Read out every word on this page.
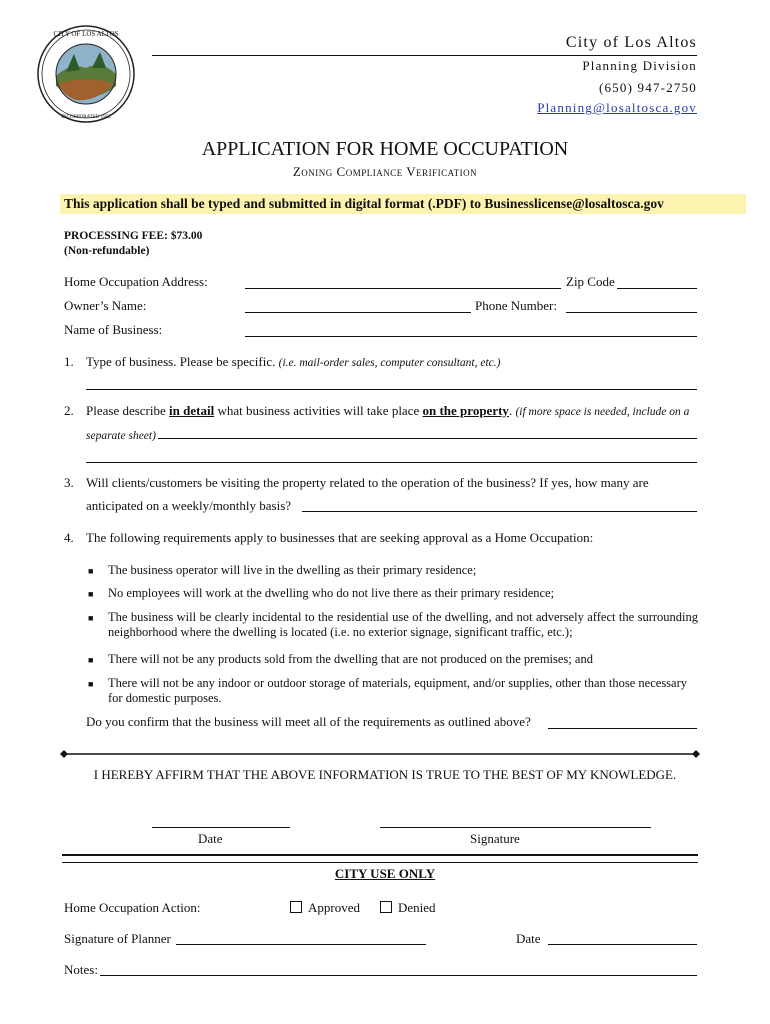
CITY OF LOS ALTOS
INCORPORATED 1952
City of Los Altos
Planning Division
(650) 947-2750
Planning@losaltosca.gov
APPLICATION FOR HOME OCCUPATION
Zoning Compliance Verification
This application shall be typed and submitted in digital format (.PDF) to Businesslicense@losaltosca.gov
PROCESSING FEE: $73.00
(Non-refundable)
Home Occupation Address:	Zip Code
Owner’s Name:	Phone Number:
Name of Business:
1. Type of business. Please be specific. (i.e. mail-order sales, computer consultant, etc.)
2. Please describe in detail what business activities will take place on the property. (if more space is needed, include on a
separate sheet)
3. Will clients/customers be visiting the property related to the operation of the business? If yes, how many are
anticipated on a weekly/monthly basis?
4. The following requirements apply to businesses that are seeking approval as a Home Occupation:
■ The business operator will live in the dwelling as their primary residence;
■ No employees will work at the dwelling who do not live there as their primary residence;
■ The business will be clearly incidental to the residential use of the dwelling, and not adversely affect the surrounding neighborhood where the dwelling is located (i.e. no exterior signage, significant traffic, etc.);
■ There will not be any products sold from the dwelling that are not produced on the premises; and
■ There will not be any indoor or outdoor storage of materials, equipment, and/or supplies, other than those necessary for domestic purposes.
Do you confirm that the business will meet all of the requirements as outlined above?
I HEREBY AFFIRM THAT THE ABOVE INFORMATION IS TRUE TO THE BEST OF MY KNOWLEDGE.
Date	Signature
CITY USE ONLY
Home Occupation Action:	Approved	Denied
Signature of Planner	Date
Notes:
